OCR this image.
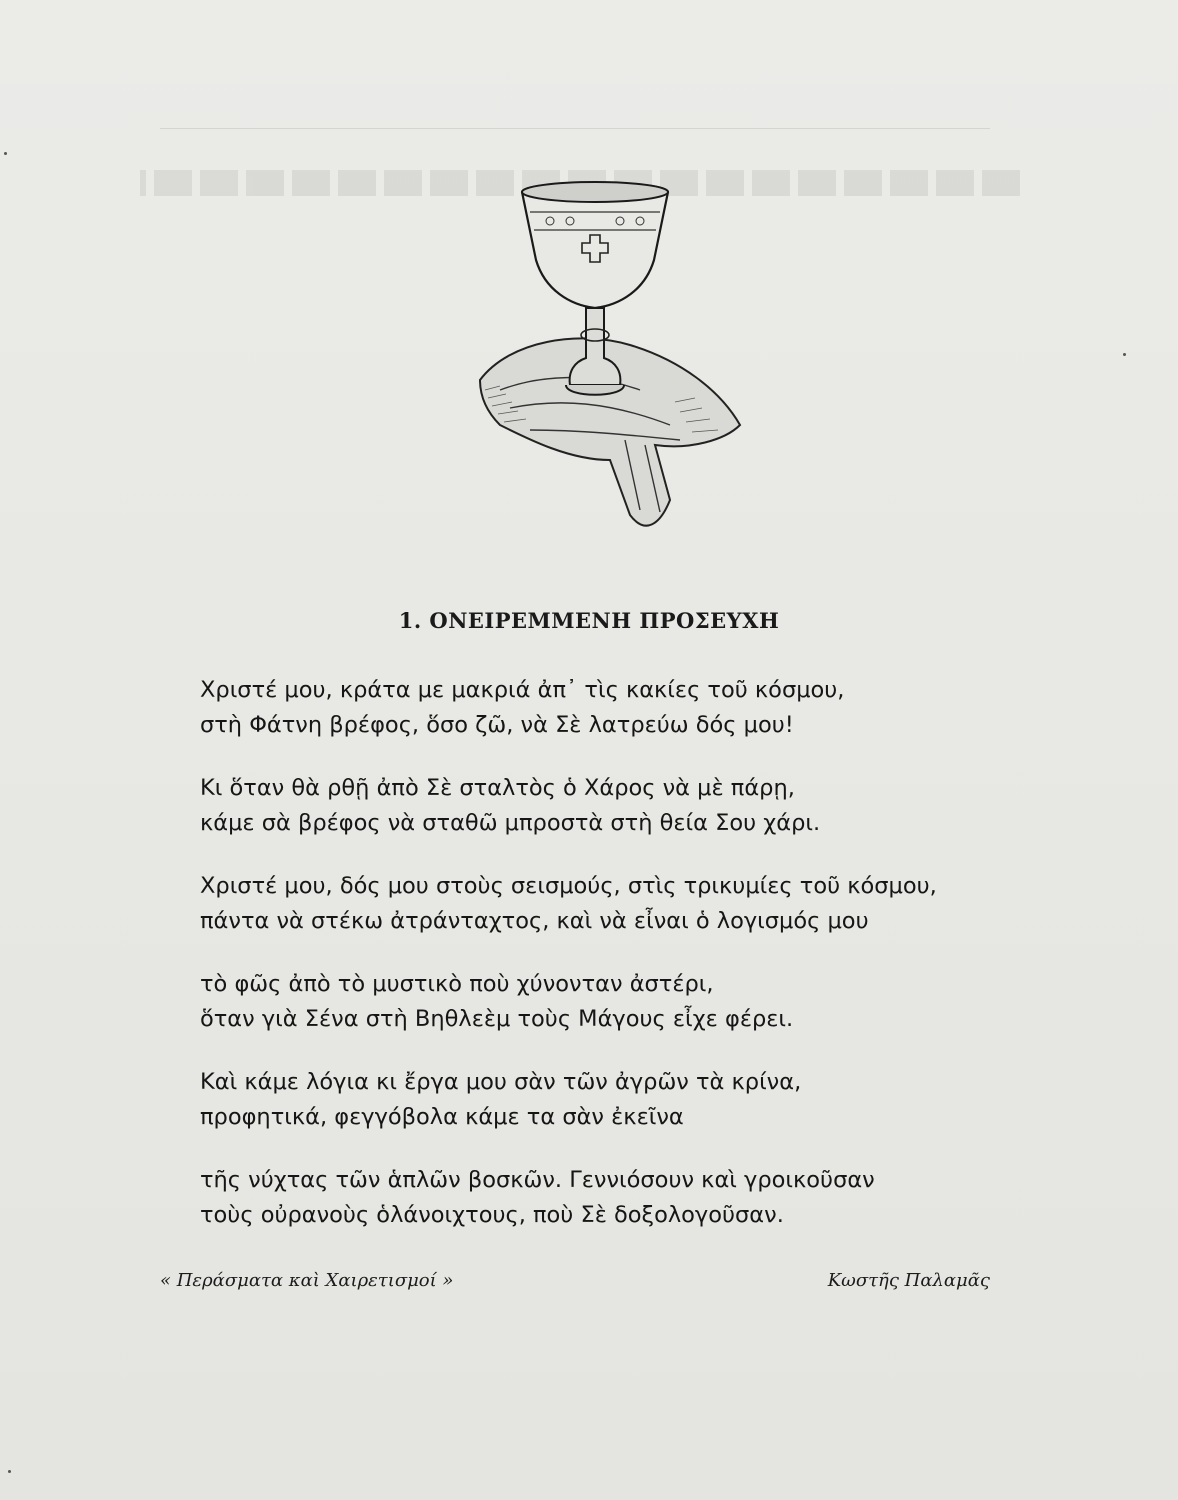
1. ΟΝΕΙΡΕΜΜΕΝΗ ΠΡΟΣΕΥΧΗ
Χριστέ μου, κράτα με μακριά ἀπ᾽ τὶς κακίες τοῦ κόσμου,
στὴ Φάτνη βρέφος, ὅσο ζῶ, νὰ Σὲ λατρεύω δός μου!
Κι ὅταν θὰ ρθῇ ἀπὸ Σὲ σταλτὸς ὁ Χάρος νὰ μὲ πάρῃ,
κάμε σὰ βρέφος νὰ σταθῶ μπροστὰ στὴ θεία Σου χάρι.
Χριστέ μου, δός μου στοὺς σεισμούς, στὶς τρικυμίες τοῦ κόσμου,
πάντα νὰ στέκω ἀτράνταχτος, καὶ νὰ εἶναι ὁ λογισμός μου
τὸ φῶς ἀπὸ τὸ μυστικὸ ποὺ χύνονταν ἀστέρι,
ὅταν γιὰ Σένα στὴ Βηθλεὲμ τοὺς Μάγους εἶχε φέρει.
Καὶ κάμε λόγια κι ἔργα μου σὰν τῶν ἀγρῶν τὰ κρίνα,
προφητικά, φεγγόβολα κάμε τα σὰν ἐκεῖνα
τῆς νύχτας τῶν ἁπλῶν βοσκῶν. Γεννιόσουν καὶ γροικοῦσαν
τοὺς οὐρανοὺς ὁλάνοιχτους, ποὺ Σὲ δοξολογοῦσαν.
« Περάσματα καὶ Χαιρετισμοί »	Κωστῆς Παλαμᾶς
